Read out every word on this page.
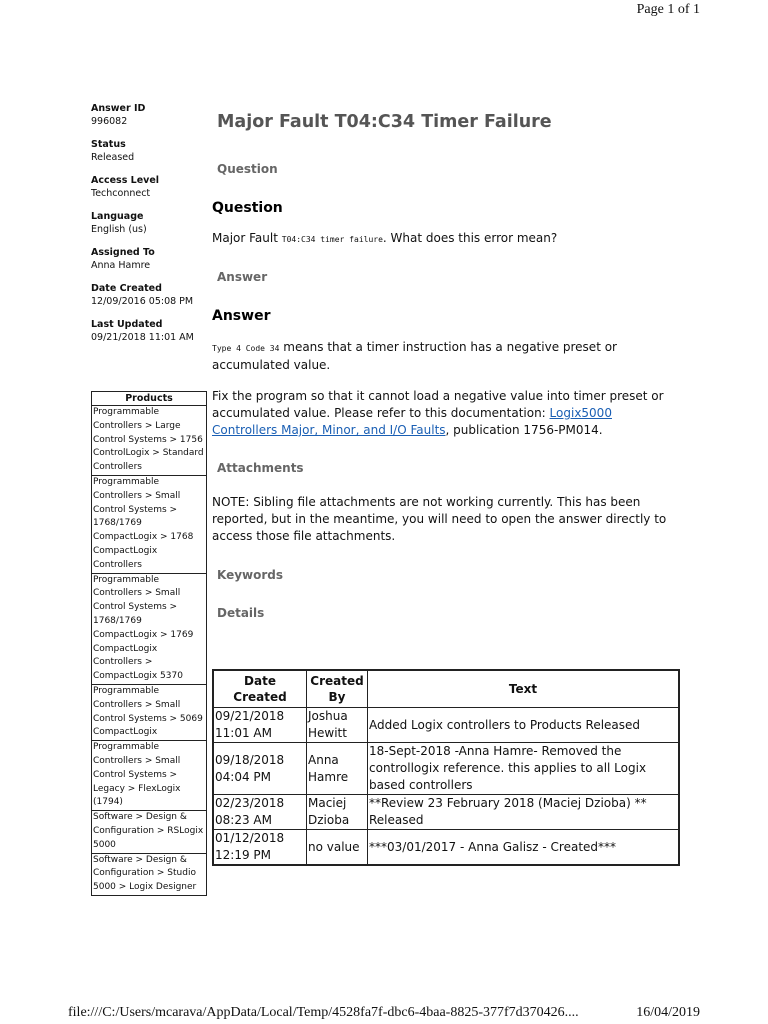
Page 1 of 1
Answer ID
996082
Status
Released
Access Level
Techconnect
Language
English (us)
Assigned To
Anna Hamre
Date Created
12/09/2016 05:08 PM
Last Updated
09/21/2018 11:01 AM
Products
Programmable Controllers > Large Control Systems > 1756 ControlLogix > Standard Controllers
Programmable Controllers > Small Control Systems > 1768/1769 CompactLogix > 1768 CompactLogix Controllers
Programmable Controllers > Small Control Systems > 1768/1769 CompactLogix > 1769 CompactLogix Controllers > CompactLogix 5370
Programmable Controllers > Small Control Systems > 5069 CompactLogix
Programmable Controllers > Small Control Systems > Legacy > FlexLogix (1794)
Software > Design & Configuration > RSLogix 5000
Software > Design & Configuration > Studio 5000 > Logix Designer
Major Fault T04:C34 Timer Failure
Question
Question
Major Fault T04:C34 timer failure. What does this error mean?
Answer
Answer
Type 4 Code 34 means that a timer instruction has a negative preset or accumulated value.
Fix the program so that it cannot load a negative value into timer preset or accumulated value. Please refer to this documentation: Logix5000 Controllers Major, Minor, and I/O Faults, publication 1756-PM014.
Attachments
NOTE: Sibling file attachments are not working currently. This has been reported, but in the meantime, you will need to open the answer directly to access those file attachments.
Keywords
Details
Date Created	Created By	Text
09/21/2018 11:01 AM	Joshua Hewitt	Added Logix controllers to Products Released
09/18/2018 04:04 PM	Anna Hamre	18-Sept-2018 -Anna Hamre- Removed the controllogix reference. this applies to all Logix based controllers
02/23/2018 08:23 AM	Maciej Dzioba	**Review 23 February 2018 (Maciej Dzioba) ** Released
01/12/2018 12:19 PM	no value	***03/01/2017 - Anna Galisz - Created***
file:///C:/Users/mcarava/AppData/Local/Temp/4528fa7f-dbc6-4baa-8825-377f7d370426....	16/04/2019
